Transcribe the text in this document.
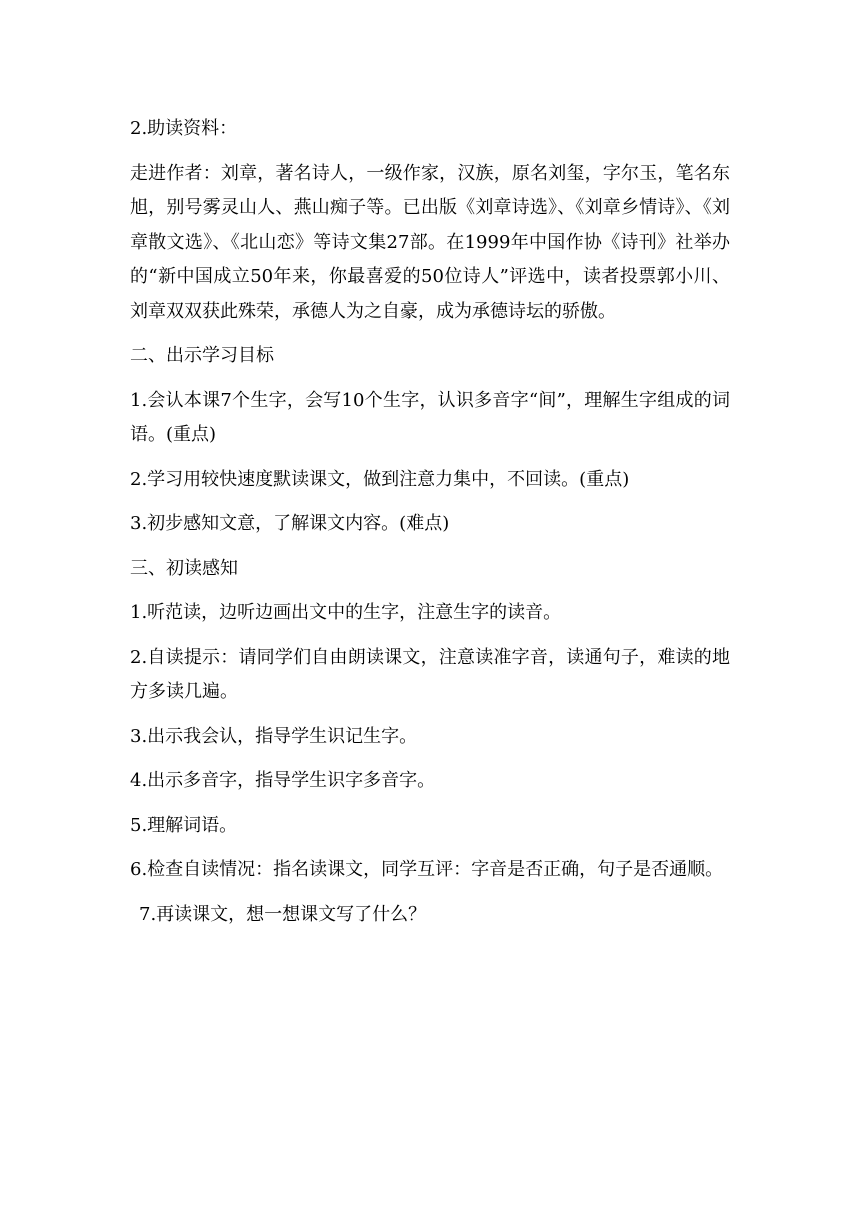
2.助读资料：

走进作者：刘章，著名诗人，一级作家，汉族，原名刘玺，字尔玉，笔名东旭，别号雾灵山人、燕山痴子等。已出版《刘章诗选》、《刘章乡情诗》、《刘章散文选》、《北山恋》等诗文集27部。在1999年中国作协《诗刊》社举办的“新中国成立50年来，你最喜爱的50位诗人”评选中，读者投票郭小川、刘章双双获此殊荣，承德人为之自豪，成为承德诗坛的骄傲。

二、出示学习目标

1.会认本课7个生字，会写10个生字，认识多音字“间”，理解生字组成的词语。(重点)

2.学习用较快速度默读课文，做到注意力集中，不回读。(重点)

3.初步感知文意，了解课文内容。(难点)

三、初读感知

1.听范读，边听边画出文中的生字，注意生字的读音。

2.自读提示：请同学们自由朗读课文，注意读准字音，读通句子，难读的地方多读几遍。

3.出示我会认，指导学生识记生字。

4.出示多音字，指导学生识字多音字。

5.理解词语。

6.检查自读情况：指名读课文，同学互评：字音是否正确，句子是否通顺。

7.再读课文，想一想课文写了什么？
